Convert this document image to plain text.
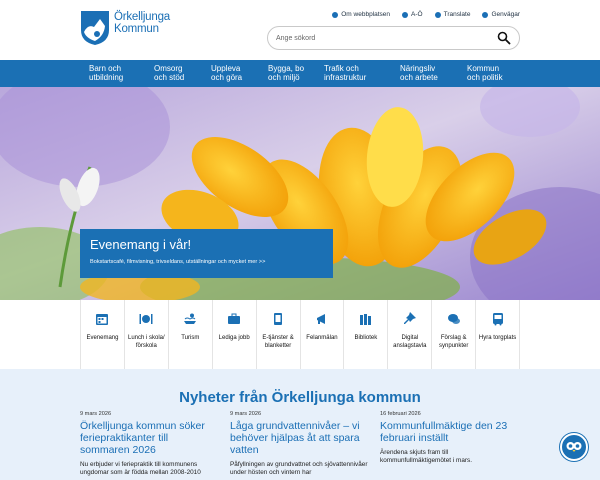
Örkelljunga
Kommun
Om webbplatsen	A-Ö	Translate	Genvägar
Ange sökord
Barn och
utbildning
Omsorg
och stöd
Uppleva
och göra
Bygga, bo
och miljö
Trafik och
infrastruktur
Näringsliv
och arbete
Kommun
och politik
Evenemang i vår!
Bokstartscafé, filmvisning, trivseldans, utställningar och mycket mer >>
Evenemang	Lunch i skola/ förskola
Turism	Lediga jobb	E-tjänster & blanketter
Felanmälan	Bibliotek	Digital anslagstavla
Förslag & synpunkter
Hyra torgplats
Nyheter från Örkelljunga kommun
9 mars 2026
Örkelljunga kommun söker feriepraktikanter till sommaren 2026
Nu erbjuder vi feriepraktik till kommunens ungdomar som är födda mellan 2008-2010
9 mars 2026
Låga grundvattennivåer – vi behöver hjälpas åt att spara vatten
Påfyllningen av grundvattnet och sjövattennivåer under hösten och vintern har
16 februari 2026
Kommunfullmäktige den 23 februari inställt
Ärendena skjuts fram till kommunfullmäktigemötet i mars.
